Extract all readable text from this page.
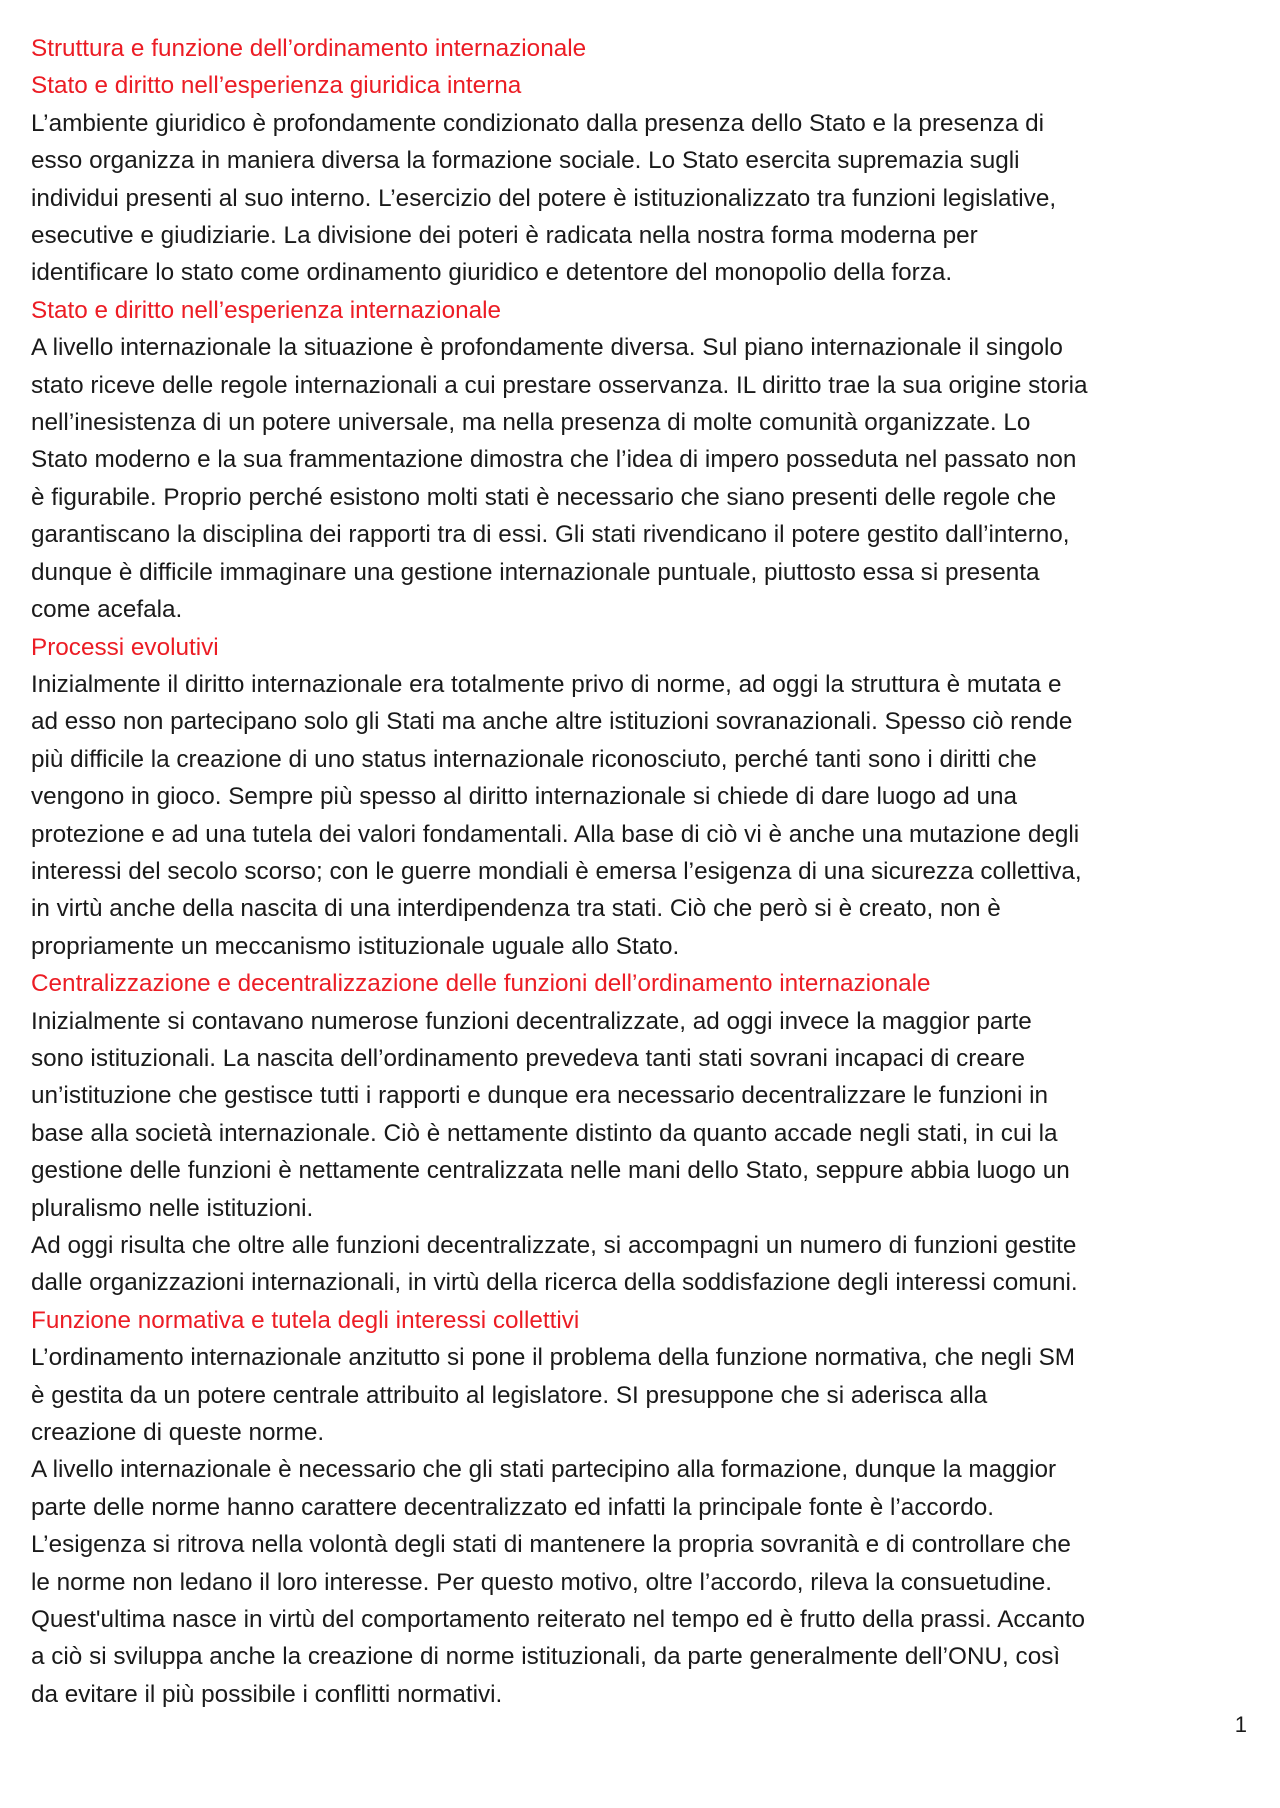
Struttura e funzione dell’ordinamento internazionale
Stato e diritto nell’esperienza giuridica interna

L’ambiente giuridico è profondamente condizionato dalla presenza dello Stato e la presenza di
esso organizza in maniera diversa la formazione sociale. Lo Stato esercita supremazia sugli
individui presenti al suo interno. L’esercizio del potere è istituzionalizzato tra funzioni legislative,
esecutive e giudiziarie. La divisione dei poteri è radicata nella nostra forma moderna per
identificare lo stato come ordinamento giuridico e detentore del monopolio della forza.

Stato e diritto nell’esperienza internazionale

A livello internazionale la situazione è profondamente diversa. Sul piano internazionale il singolo
stato riceve delle regole internazionali a cui prestare osservanza. IL diritto trae la sua origine storia
nell’inesistenza di un potere universale, ma nella presenza di molte comunità organizzate. Lo
Stato moderno e la sua frammentazione dimostra che l’idea di impero posseduta nel passato non
è figurabile. Proprio perché esistono molti stati è necessario che siano presenti delle regole che
garantiscano la disciplina dei rapporti tra di essi. Gli stati rivendicano il potere gestito dall’interno,
dunque è difficile immaginare una gestione internazionale puntuale, piuttosto essa si presenta
come acefala.

Processi evolutivi

Inizialmente il diritto internazionale era totalmente privo di norme, ad oggi la struttura è mutata e
ad esso non partecipano solo gli Stati ma anche altre istituzioni sovranazionali. Spesso ciò rende
più difficile la creazione di uno status internazionale riconosciuto, perché tanti sono i diritti che
vengono in gioco. Sempre più spesso al diritto internazionale si chiede di dare luogo ad una
protezione e ad una tutela dei valori fondamentali. Alla base di ciò vi è anche una mutazione degli
interessi del secolo scorso; con le guerre mondiali è emersa l’esigenza di una sicurezza collettiva,
in virtù anche della nascita di una interdipendenza tra stati. Ciò che però si è creato, non è
propriamente un meccanismo istituzionale uguale allo Stato.

Centralizzazione e decentralizzazione delle funzioni dell’ordinamento internazionale

Inizialmente si contavano numerose funzioni decentralizzate, ad oggi invece la maggior parte
sono istituzionali. La nascita dell’ordinamento prevedeva tanti stati sovrani incapaci di creare
un’istituzione che gestisce tutti i rapporti e dunque era necessario decentralizzare le funzioni in
base alla società internazionale. Ciò è nettamente distinto da quanto accade negli stati, in cui la
gestione delle funzioni è nettamente centralizzata nelle mani dello Stato, seppure abbia luogo un
pluralismo nelle istituzioni.

Ad oggi risulta che oltre alle funzioni decentralizzate, si accompagni un numero di funzioni gestite
dalle organizzazioni internazionali, in virtù della ricerca della soddisfazione degli interessi comuni.

Funzione normativa e tutela degli interessi collettivi

L’ordinamento internazionale anzitutto si pone il problema della funzione normativa, che negli SM
è gestita da un potere centrale attribuito al legislatore. SI presuppone che si aderisca alla
creazione di queste norme.

A livello internazionale è necessario che gli stati partecipino alla formazione, dunque la maggior
parte delle norme hanno carattere decentralizzato ed infatti la principale fonte è l’accordo.
L’esigenza si ritrova nella volontà degli stati di mantenere la propria sovranità e di controllare che
le norme non ledano il loro interesse. Per questo motivo, oltre l’accordo, rileva la consuetudine.
Quest'ultima nasce in virtù del comportamento reiterato nel tempo ed è frutto della prassi. Accanto
a ciò si sviluppa anche la creazione di norme istituzionali, da parte generalmente dell’ONU, così
da evitare il più possibile i conflitti normativi.

1
